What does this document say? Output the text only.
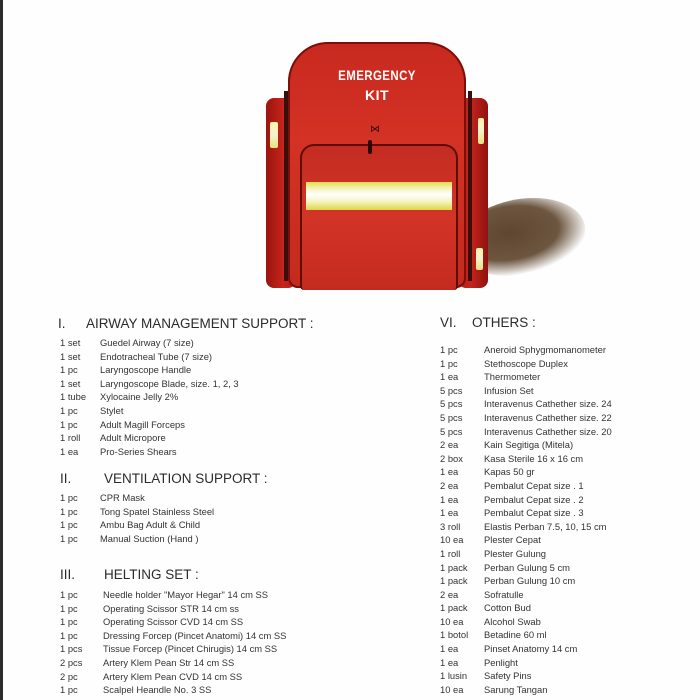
EMERGENCY
KIT
⋈
I. AIRWAY MANAGEMENT SUPPORT :
1 set Guedel Airway (7 size)
1 set Endotracheal Tube (7 size)
1 pc Laryngoscope Handle
1 set Laryngoscope Blade, size. 1, 2, 3
1 tube Xylocaine Jelly 2%
1 pc Stylet
1 pc Adult Magill Forceps
1 roll Adult Micropore
1 ea Pro-Series Shears
II. VENTILATION SUPPORT :
1 pc CPR Mask
1 pc Tong Spatel Stainless Steel
1 pc Ambu Bag Adult & Child
1 pc Manual Suction (Hand )
III. HELTING SET :
1 pc	Needle holder "Mayor Hegar" 14 cm SS
1 pc	Operating Scissor STR 14 cm ss
1 pc	Operating Scissor CVD 14 cm SS
1 pc	Dressing Forcep (Pincet Anatomi) 14 cm SS
1 pcs Tissue Forcep (Pincet Chirugis) 14 cm SS
2 pcs Artery Klem Pean Str 14 cm SS
2 pc	Artery Klem Pean CVD 14 cm SS
1 pc	Scalpel Heandle No. 3 SS
VI. OTHERS :
1 pc	Aneroid Sphygmomanometer
1 pc	Stethoscope Duplex
1 ea	Thermometer
5 pcs Infusion Set
5 pcs Interavenus Cathether size. 24
5 pcs Interavenus Cathether size. 22
5 pcs Interavenus Cathether size. 20
2 ea	Kain Segitiga (Mitela)
2 box Kasa Sterile 16 x 16 cm
1 ea	Kapas 50 gr
2 ea	Pembalut Cepat size . 1
1 ea	Pembalut Cepat size . 2
1 ea	Pembalut Cepat size . 3
3 roll	Elastis Perban 7.5, 10, 15 cm
10 ea Plester Cepat
1 roll	Plester Gulung
1 pack Perban Gulung 5 cm
1 pack Perban Gulung 10 cm
2 ea	Sofratulle
1 pack Cotton Bud
10 ea Alcohol Swab
1 botol Betadine 60 ml
1 ea	Pinset Anatomy 14 cm
1 ea	Penlight
1 lusin Safety Pins
10 ea Sarung Tangan
